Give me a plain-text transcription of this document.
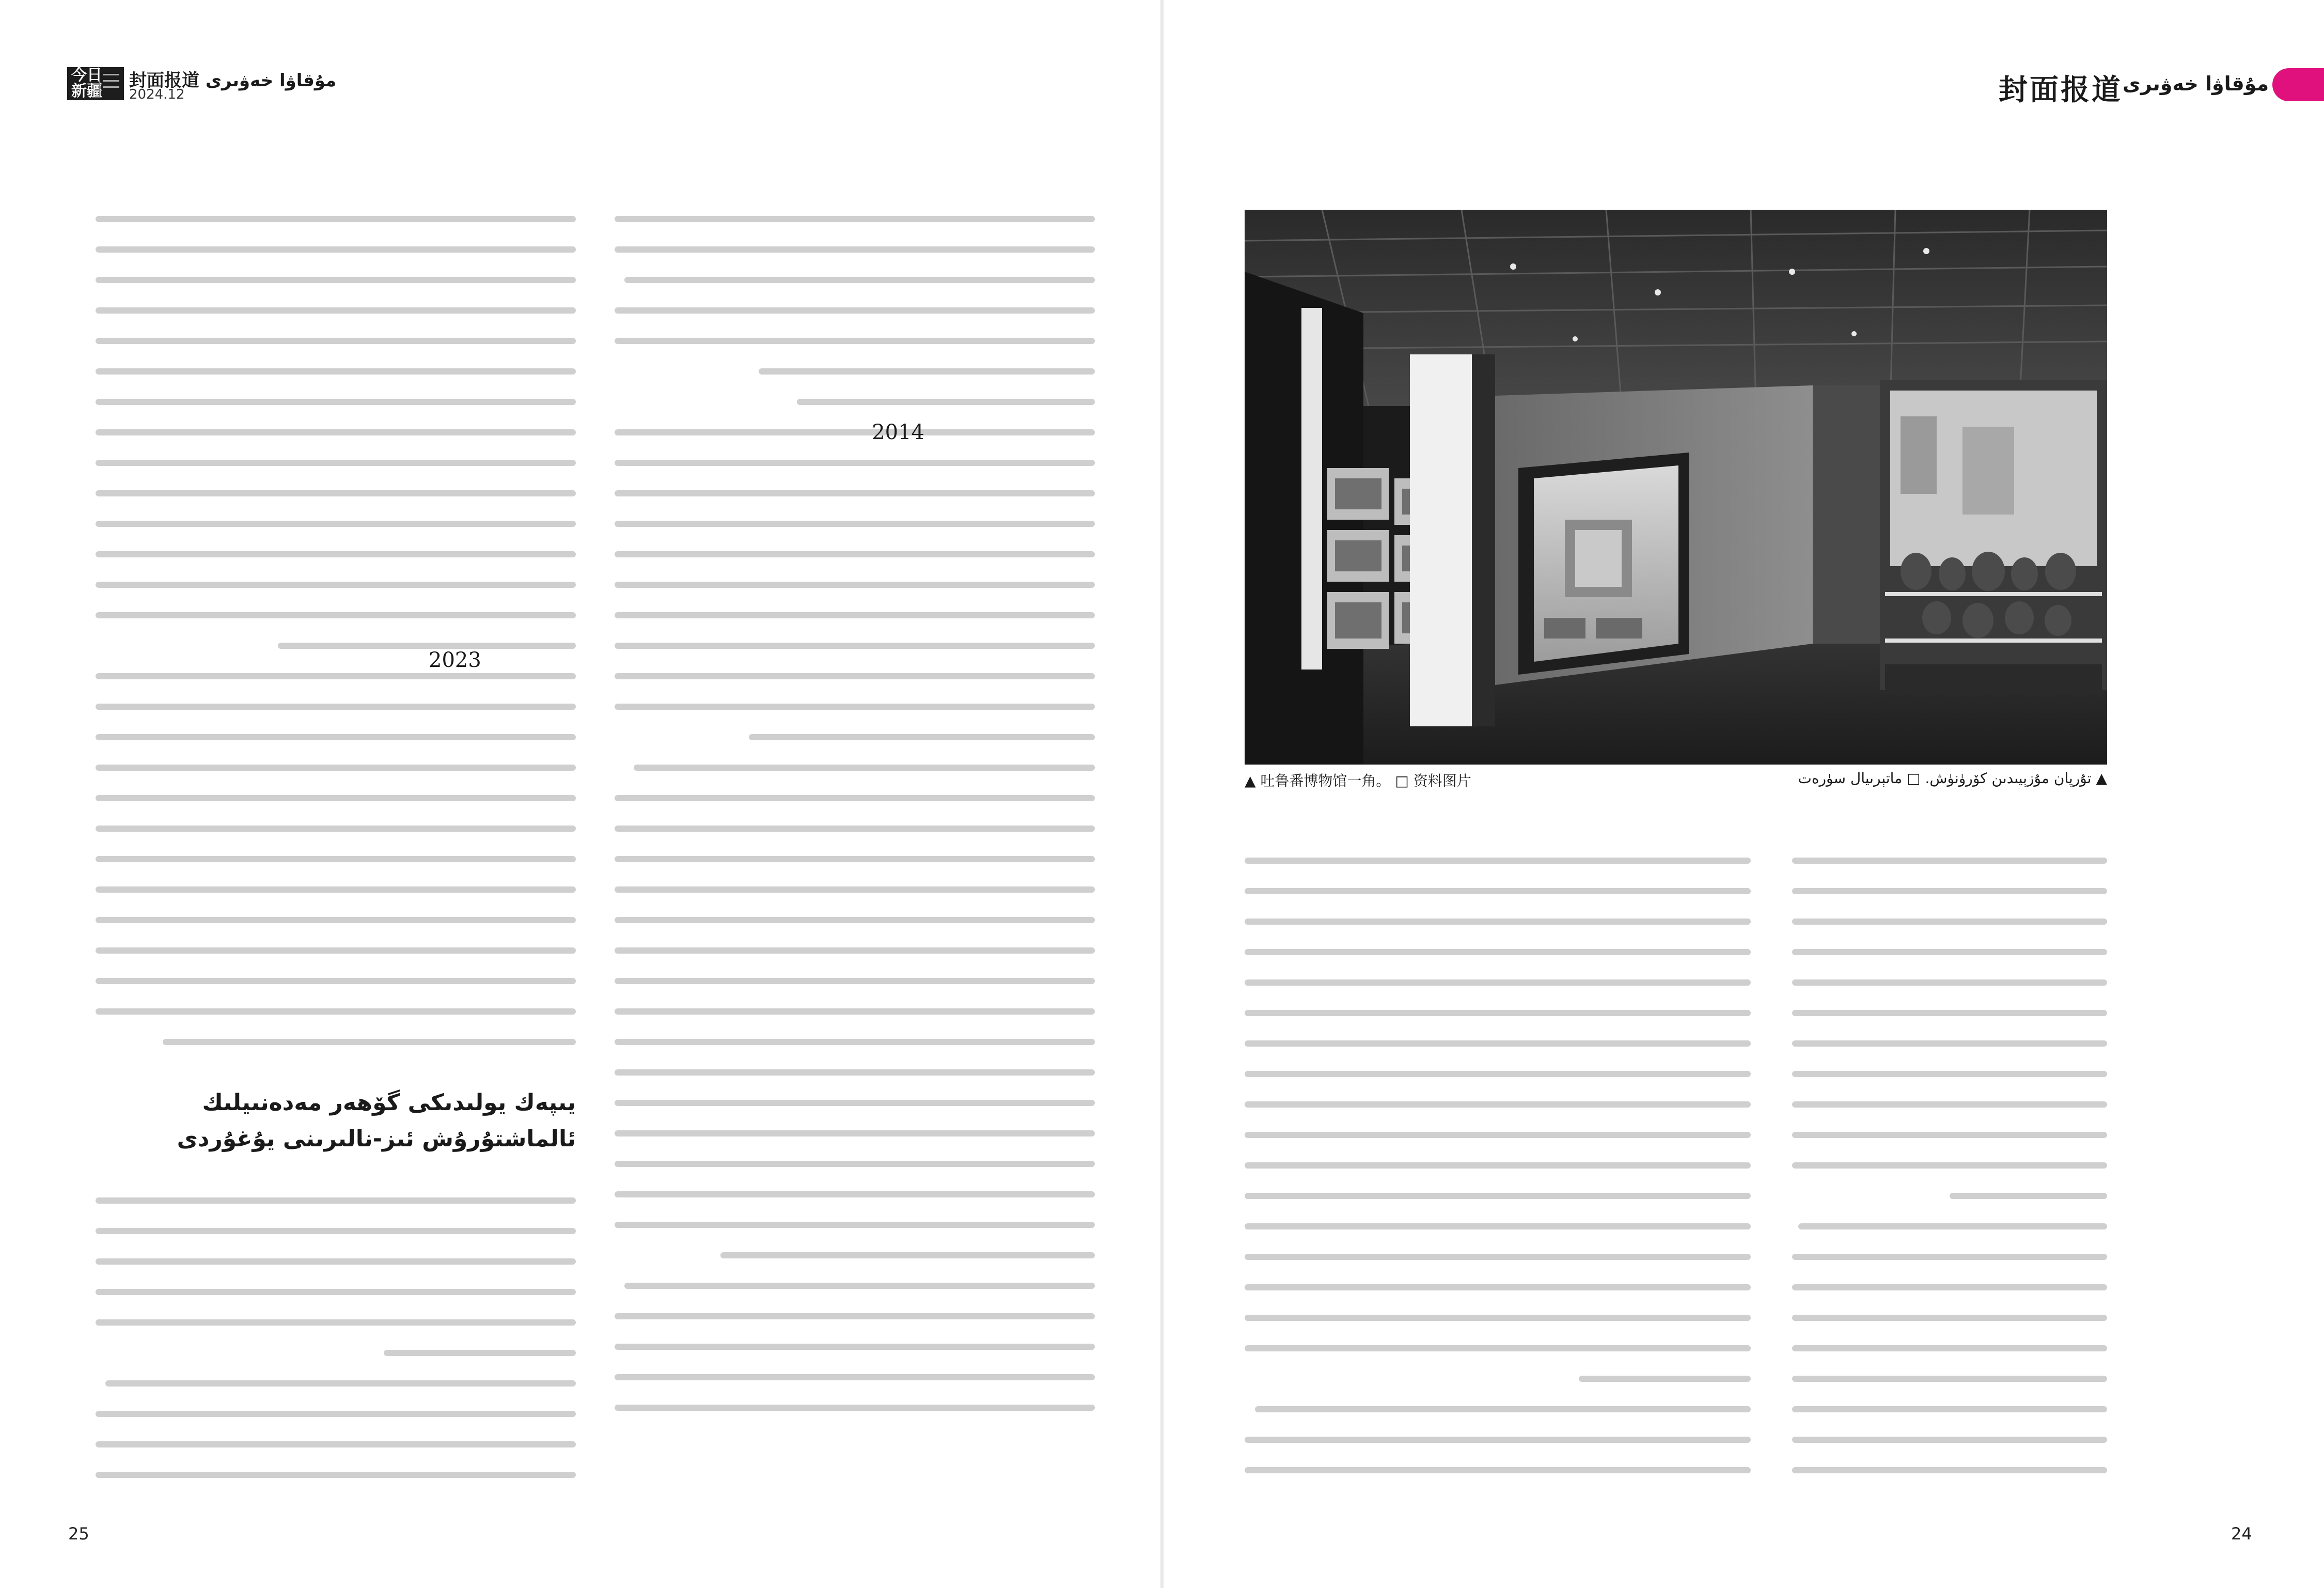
今日
新疆
封面报道 مۇقاۋا خەۋىرى
2024.12	封面报道 مۇقاۋا خەۋىرى
2014
2023
يىپەك يولىدىكى گۆھەر مەدەنىيلىك ئالماشتۇرۇش ئىز-نالىرىنى يۇغۇردى
▲ 吐鲁番博物馆一角。 □ 资料图片	▲ تۇرپان مۇزېيىدىن كۆرۈنۈش. □ ماتېرىيال سۈرەت
25	24
